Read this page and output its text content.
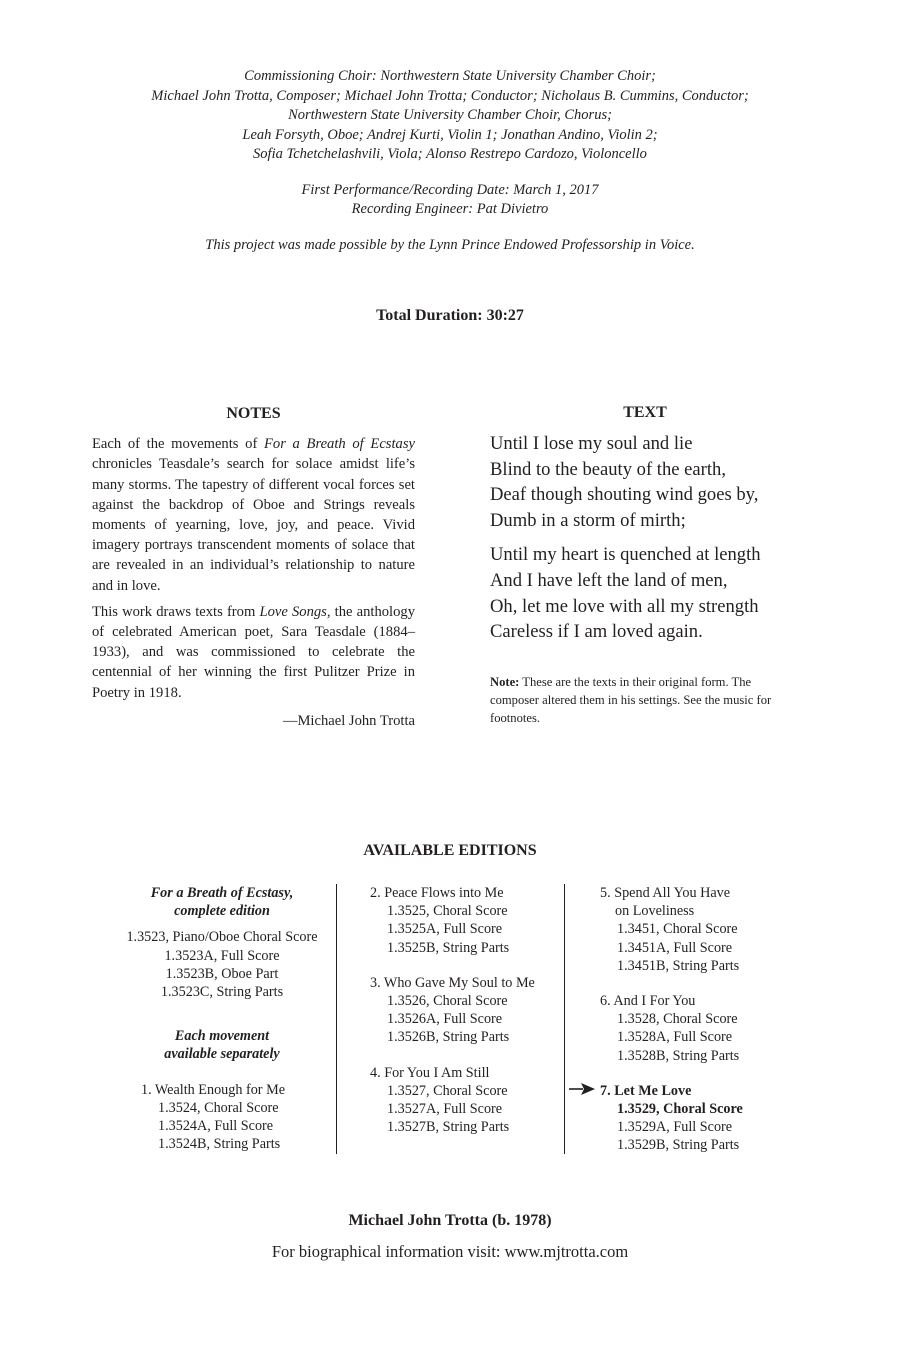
Commissioning Choir: Northwestern State University Chamber Choir;

Michael John Trotta, Composer; Michael John Trotta; Conductor; Nicholaus B. Cummins, Conductor;

Northwestern State University Chamber Choir, Chorus;

Leah Forsyth, Oboe; Andrej Kurti, Violin 1; Jonathan Andino, Violin 2;

Sofia Tchetchelashvili, Viola; Alonso Restrepo Cardozo, Violoncello

First Performance/Recording Date: March 1, 2017

Recording Engineer: Pat Divietro

This project was made possible by the Lynn Prince Endowed Professorship in Voice.

Total Duration: 30:27
NOTES

Each of the movements of For a Breath of Ecstasy chronicles Teasdale’s search for solace amidst life’s many storms. The tapestry of different vocal forces set against the backdrop of Oboe and Strings reveals moments of yearning, love, joy, and peace. Vivid imagery portrays transcendent moments of solace that are revealed in an individual’s relationship to nature and in love.

This work draws texts from Love Songs, the anthology of celebrated American poet, Sara Teasdale (1884–1933), and was commissioned to celebrate the centennial of her winning the first Pulitzer Prize in Poetry in 1918.

—Michael John Trotta
TEXT
Until I lose my soul and lie
Blind to the beauty of the earth,
Deaf though shouting wind goes by,
Dumb in a storm of mirth;
Until my heart is quenched at length
And I have left the land of men,
Oh, let me love with all my strength
Careless if I am loved again.
Note: These are the texts in their original form. The composer altered them in his settings. See the music for footnotes.
AVAILABLE EDITIONS
For a Breath of Ecstasy,
complete edition
1.3523, Piano/Oboe Choral Score
1.3523A, Full Score
1.3523B, Oboe Part
1.3523C, String Parts
Each movement
available separately
1. Wealth Enough for Me
1.3524, Choral Score
1.3524A, Full Score
1.3524B, String Parts
2. Peace Flows into Me
1.3525, Choral Score
1.3525A, Full Score
1.3525B, String Parts
3. Who Gave My Soul to Me
1.3526, Choral Score
1.3526A, Full Score
1.3526B, String Parts
4. For You I Am Still
1.3527, Choral Score
1.3527A, Full Score
1.3527B, String Parts
5. Spend All You Have
on Loveliness
1.3451, Choral Score
1.3451A, Full Score
1.3451B, String Parts
6. And I For You
1.3528, Choral Score
1.3528A, Full Score
1.3528B, String Parts
7. Let Me Love
1.3529, Choral Score
1.3529A, Full Score
1.3529B, String Parts
Michael John Trotta (b. 1978)
For biographical information visit: www.mjtrotta.com
